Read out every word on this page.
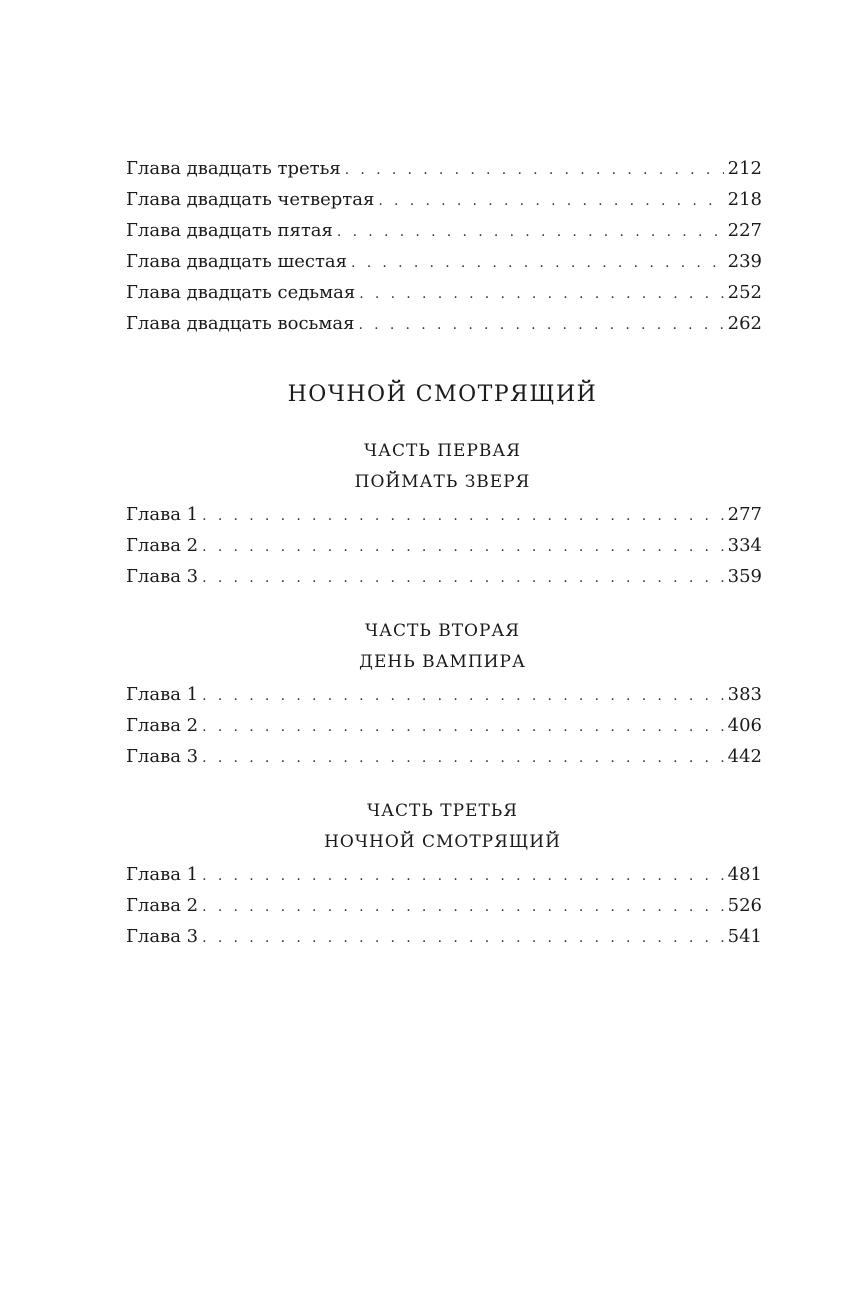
Глава двадцать третья . . .	212
Глава двадцать четвертая . . .	218
Глава двадцать пятая . . .	227
Глава двадцать шестая . . .	239
Глава двадцать седьмая . . .	252
Глава двадцать восьмая . . .	262
НОЧНОЙ СМОТРЯЩИЙ
ЧАСТЬ ПЕРВАЯ
ПОЙМАТЬ ЗВЕРЯ
Глава 1 . . .	277
Глава 2 . . .	334
Глава 3 . . .	359
ЧАСТЬ ВТОРАЯ
ДЕНЬ ВАМПИРА
Глава 1 . . .	383
Глава 2 . . .	406
Глава 3 . . .	442
ЧАСТЬ ТРЕТЬЯ
НОЧНОЙ СМОТРЯЩИЙ
Глава 1 . . .	481
Глава 2 . . .	526
Глава 3 . . .	541
